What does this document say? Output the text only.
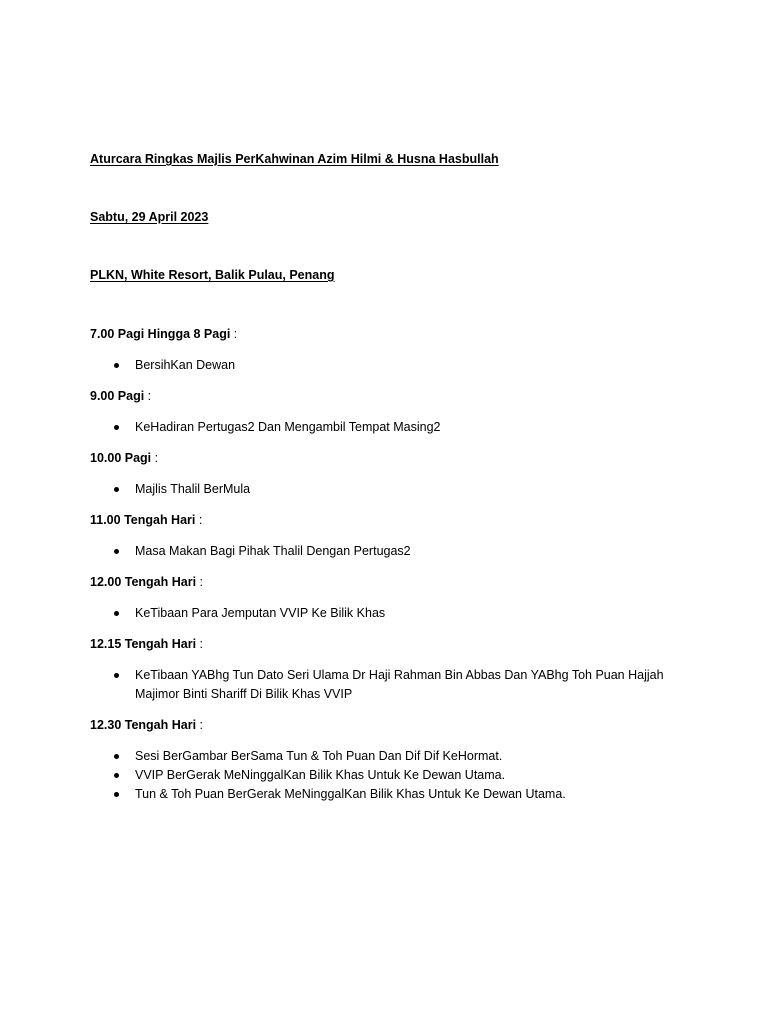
Aturcara Ringkas Majlis PerKahwinan Azim Hilmi & Husna Hasbullah
Sabtu, 29 April 2023
PLKN, White Resort, Balik Pulau, Penang
7.00 Pagi Hingga 8 Pagi :
BersihKan Dewan
9.00 Pagi :
KeHadiran Pertugas2 Dan Mengambil Tempat Masing2
10.00 Pagi :
Majlis Thalil BerMula
11.00 Tengah Hari :
Masa Makan Bagi Pihak Thalil Dengan Pertugas2
12.00 Tengah Hari :
KeTibaan Para Jemputan VVIP Ke Bilik Khas
12.15 Tengah Hari :
KeTibaan YABhg Tun Dato Seri Ulama Dr Haji Rahman Bin Abbas Dan YABhg Toh Puan Hajjah Majimor Binti Shariff Di Bilik Khas VVIP
12.30 Tengah Hari :
Sesi BerGambar BerSama Tun & Toh Puan Dan Dif Dif KeHormat.
VVIP BerGerak MeNinggalKan Bilik Khas Untuk Ke Dewan Utama.
Tun & Toh Puan BerGerak MeNinggalKan Bilik Khas Untuk Ke Dewan Utama.
